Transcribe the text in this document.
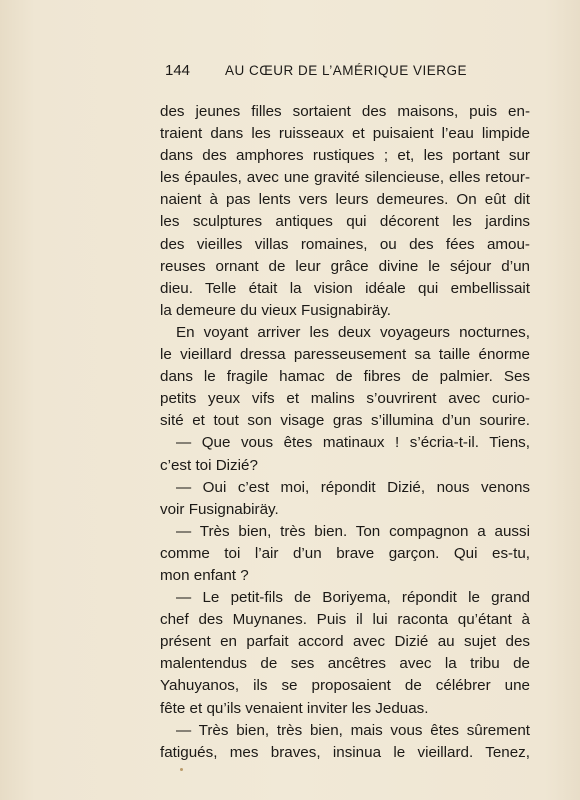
144	AU CŒUR DE L’AMÉRIQUE VIERGE
des jeunes filles sortaient des maisons, puis en-
traient dans les ruisseaux et puisaient l’eau limpide
dans des amphores rustiques ; et, les portant sur
les épaules, avec une gravité silencieuse, elles retour-
naient à pas lents vers leurs demeures. On eût dit
les sculptures antiques qui décorent les jardins
des vieilles villas romaines, ou des fées amou-
reuses ornant de leur grâce divine le séjour d’un
dieu. Telle était la vision idéale qui embellissait
la demeure du vieux Fusignabiräy.
En voyant arriver les deux voyageurs nocturnes,
le vieillard dressa paresseusement sa taille énorme
dans le fragile hamac de fibres de palmier. Ses
petits yeux vifs et malins s’ouvrirent avec curio-
sité et tout son visage gras s’illumina d’un sourire.
— Que vous êtes matinaux ! s’écria-t-il. Tiens,
c’est toi Dizié?
— Oui c’est moi, répondit Dizié, nous venons
voir Fusignabiräy.
— Très bien, très bien. Ton compagnon a aussi
comme toi l’air d’un brave garçon. Qui es-tu,
mon enfant ?
— Le petit-fils de Boriyema, répondit le grand
chef des Muynanes. Puis il lui raconta qu’étant à
présent en parfait accord avec Dizié au sujet des
malentendus de ses ancêtres avec la tribu de
Yahuyanos, ils se proposaient de célébrer une
fête et qu’ils venaient inviter les Jeduas.
— Très bien, très bien, mais vous êtes sûrement
fatigués, mes braves, insinua le vieillard. Tenez,
